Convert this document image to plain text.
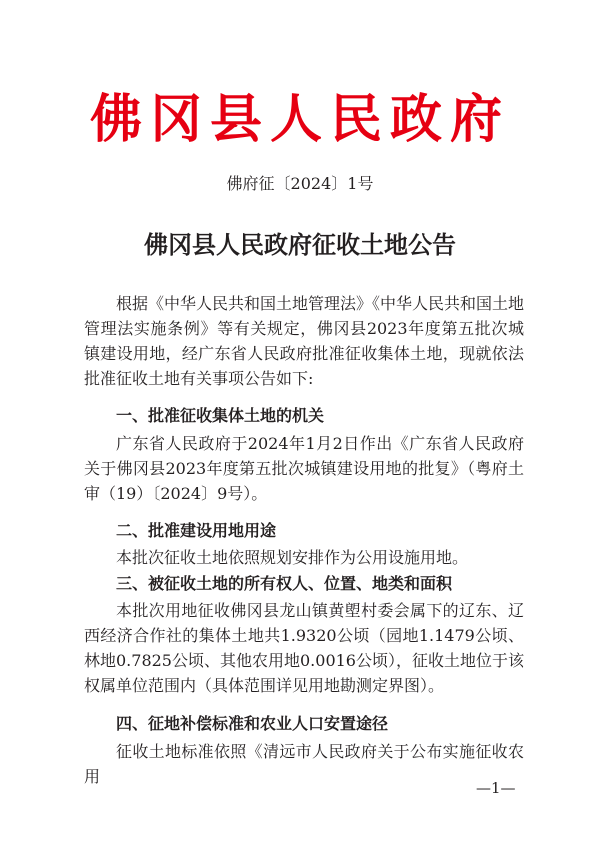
佛冈县人民政府
佛府征〔2024〕1号
佛冈县人民政府征收土地公告

根据《中华人民共和国土地管理法》《中华人民共和国土地管理法实施条例》等有关规定，佛冈县2023年度第五批次城镇建设用地，经广东省人民政府批准征收集体土地，现就依法批准征收土地有关事项公告如下:

一、批准征收集体土地的机关

广东省人民政府于2024年1月2日作出《广东省人民政府关于佛冈县2023年度第五批次城镇建设用地的批复》（粤府土审（19）〔2024〕9号）。

二、批准建设用地用途

本批次征收土地依照规划安排作为公用设施用地。

三、被征收土地的所有权人、位置、地类和面积

本批次用地征收佛冈县龙山镇黄塱村委会属下的辽东、辽西经济合作社的集体土地共1.9320公顷（园地1.1479公顷、林地0.7825公顷、其他农用地0.0016公顷），征收土地位于该权属单位范围内（具体范围详见用地勘测定界图）。

四、征地补偿标准和农业人口安置途径

征收土地标准依照《清远市人民政府关于公布实施征收农用

—1—
